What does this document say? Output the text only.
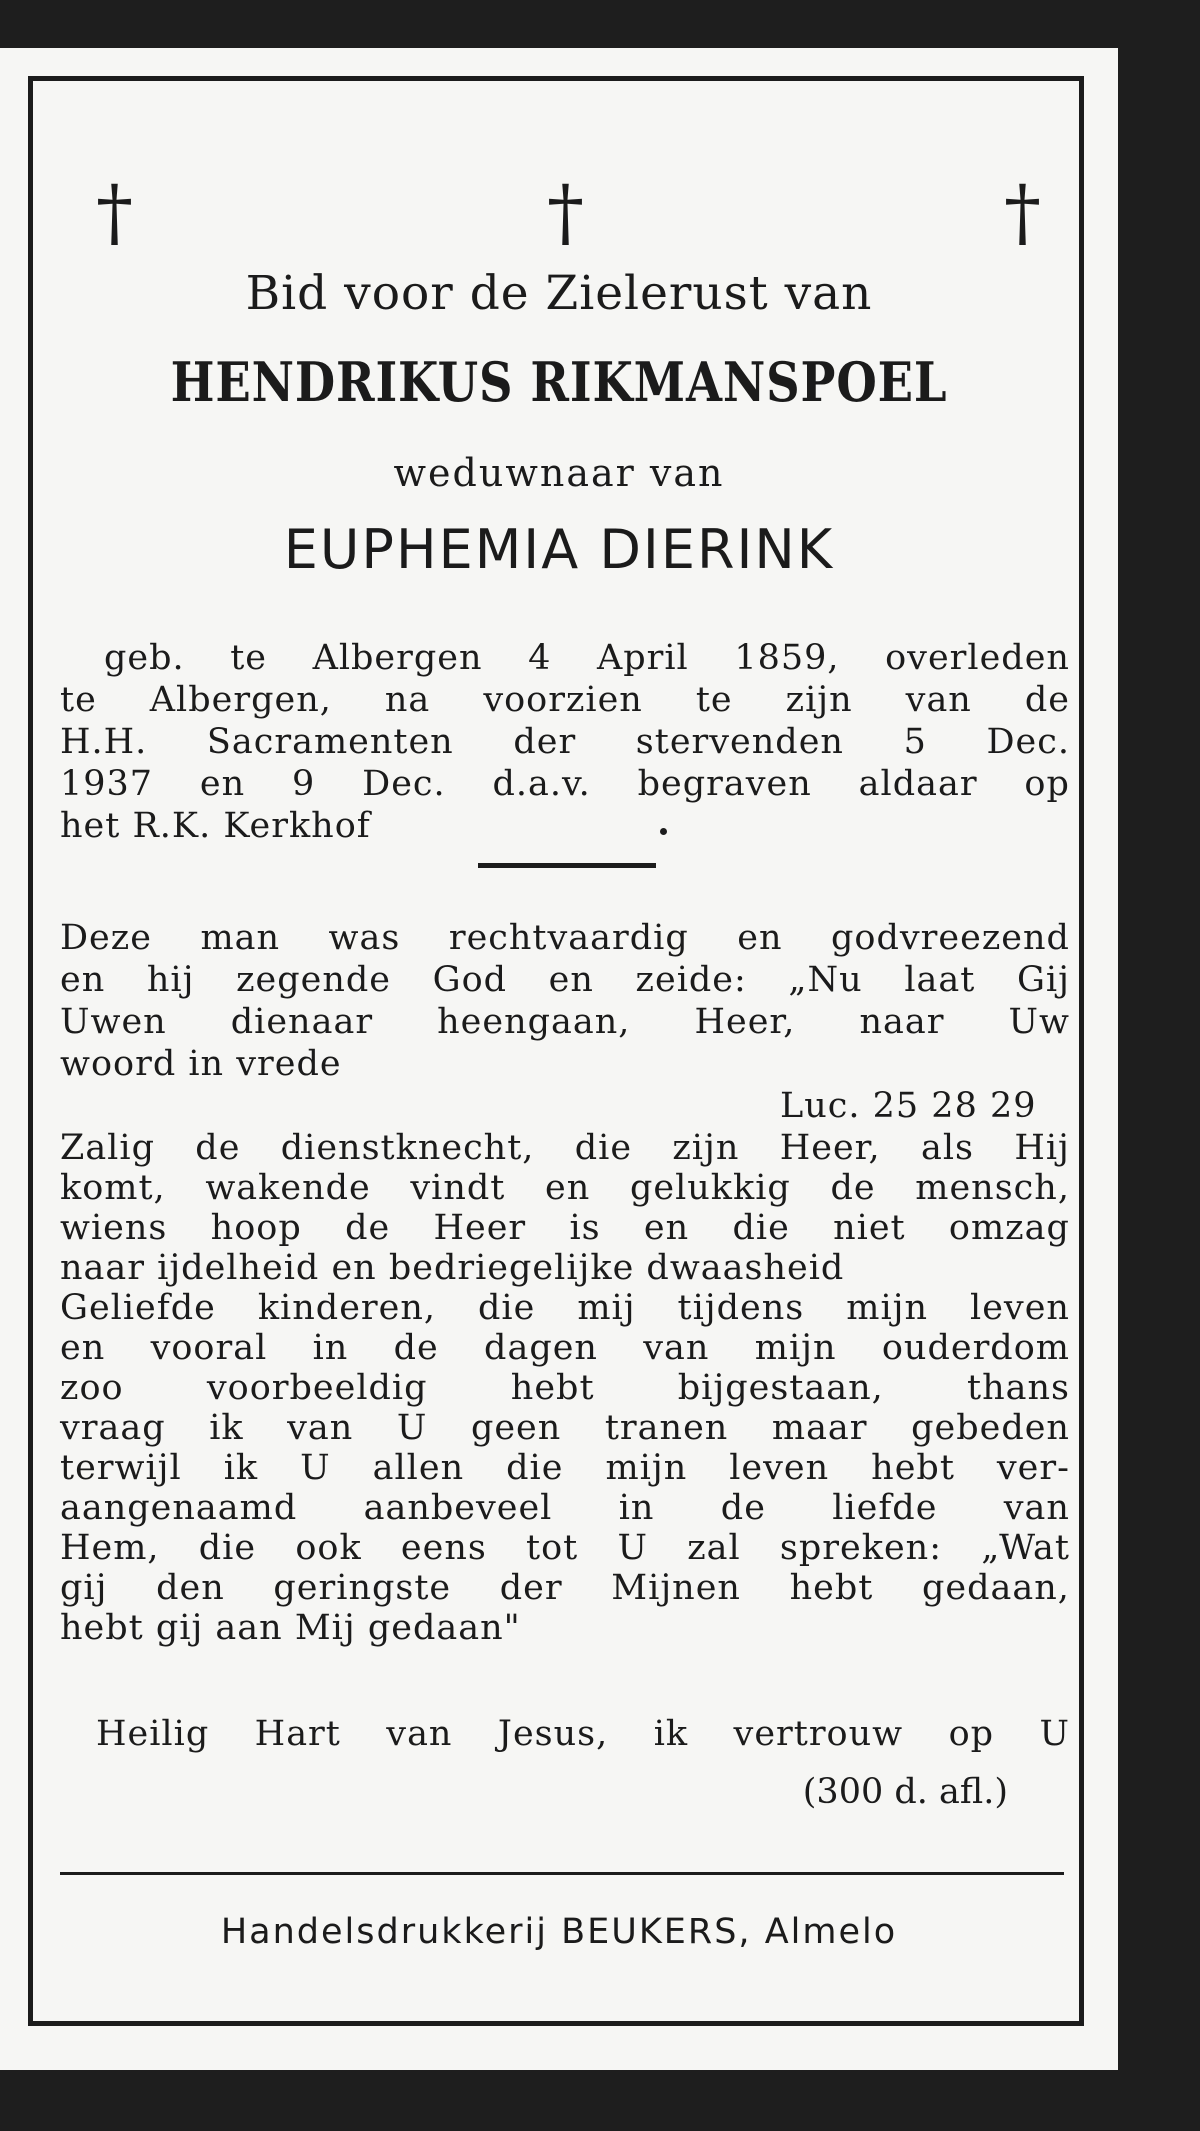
†	†	†
Bid voor de Zielerust van
HENDRIKUS RIKMANSPOEL
weduwnaar van
EUPHEMIA DIERINK
geb. te Albergen 4 April 1859, overleden
te Albergen, na voorzien te zijn van de
H.H. Sacramenten der stervenden 5 Dec.
1937 en 9 Dec. d.a.v. begraven aldaar op
het R.K. Kerkhof
Deze man was rechtvaardig en godvreezend
en hij zegende God en zeide: „Nu laat Gij
Uwen dienaar heengaan, Heer, naar Uw
woord in vrede
Luc. 25 28 29
Zalig de dienstknecht, die zijn Heer, als Hij
komt, wakende vindt en gelukkig de mensch,
wiens hoop de Heer is en die niet omzag
naar ijdelheid en bedriegelijke dwaasheid
Geliefde kinderen, die mij tijdens mijn leven
en vooral in de dagen van mijn ouderdom
zoo voorbeeldig hebt bijgestaan, thans
vraag ik van U geen tranen maar gebeden
terwijl ik U allen die mijn leven hebt ver-
aangenaamd aanbeveel in de liefde van
Hem, die ook eens tot U zal spreken: „Wat
gij den geringste der Mijnen hebt gedaan,
hebt gij aan Mij gedaan"
Heilig Hart van Jesus, ik vertrouw op U
(300 d. afl.)
Handelsdrukkerij BEUKERS, Almelo
